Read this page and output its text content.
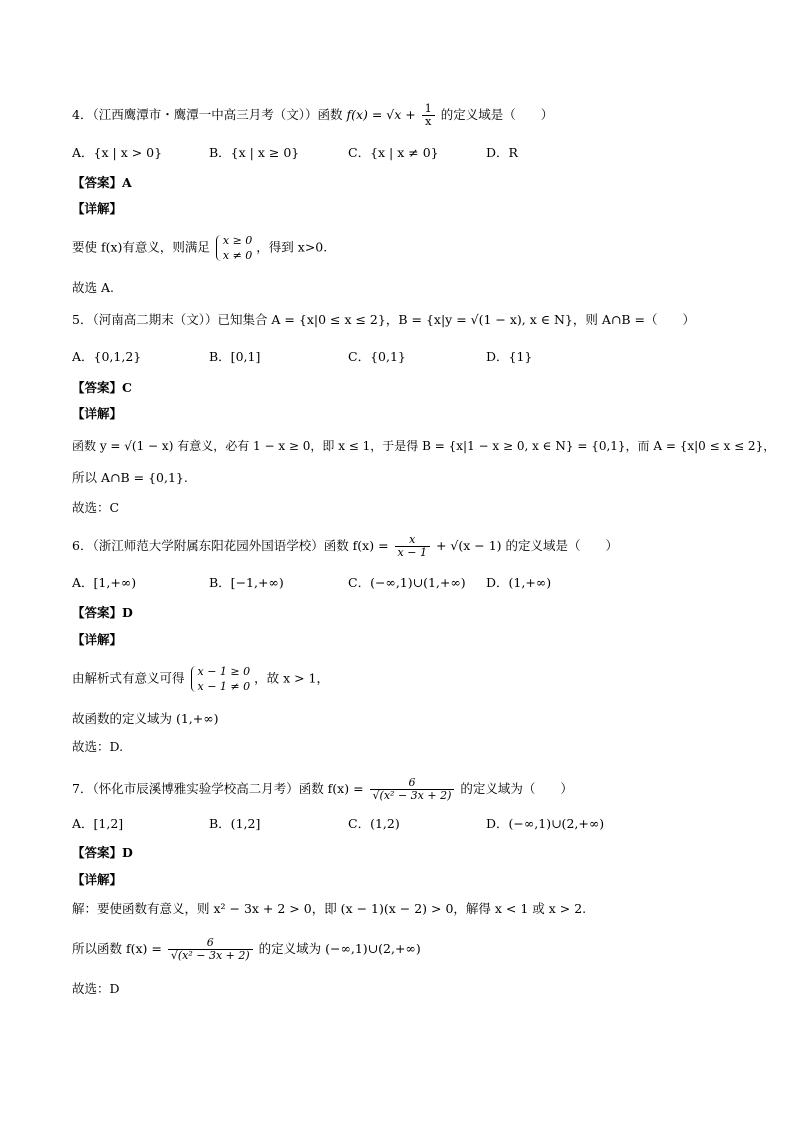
4．（江西鹰潭市・鹰潭一中高三月考（文））函数 $f(x) = √x + \frac{1}{x}$ 的定义域是（　　）
A．{x | x > 0}	B．{x | x ≥ 0}	C．{x | x ≠ 0}	D．R
【答案】A
【详解】
要使 f(x)有意义，则满足 x ≥ 0
x ≠ 0
，得到 x>0.
故选 A.
5．（河南高二期末（文））已知集合 A = {x|0 ≤ x ≤ 2}，B = {x|y = √(1 − x), x ∈ N}，则 A∩B =（　　）
A．{0,1,2}	B．[0,1]	C．{0,1}	D．{1}
【答案】C
【详解】
函数 y = √(1 − x) 有意义，必有 1 − x ≥ 0，即 x ≤ 1，于是得 B = {x|1 − x ≥ 0, x ∈ N} = {0,1}，而 A = {x|0 ≤ x ≤ 2}，
所以 A∩B = {0,1}.
故选：C
6．（浙江师范大学附属东阳花园外国语学校）函数 $f(x) = \frac{x}{x - 1} + √(x - 1)$ 的定义域是（　　）
A．[1,+∞)	B．[−1,+∞)	C．(−∞,1)∪(1,+∞) D．(1,+∞)
【答案】D
【详解】
由解析式有意义可得 x − 1 ≥ 0
x − 1 ≠ 0
，故 x > 1，
故函数的定义域为 (1,+∞)
故选：D.
7．（怀化市辰溪博雅实验学校高二月考）函数 $f(x) = \frac{6}{\text{√(x² − 3x + 2)}}$ 的定义域为（　　）
A．[1,2]	B．(1,2]	C．(1,2)	D．(−∞,1)∪(2,+∞)
【答案】D
【详解】
解：要使函数有意义，则 x² − 3x + 2 > 0，即 (x − 1)(x − 2) > 0，解得 x < 1 或 x > 2.
所以函数 $f(x) = \frac{6}{\text{√(x² − 3x + 2)}}$ 的定义域为 (−∞,1)∪(2,+∞)
故选：D
